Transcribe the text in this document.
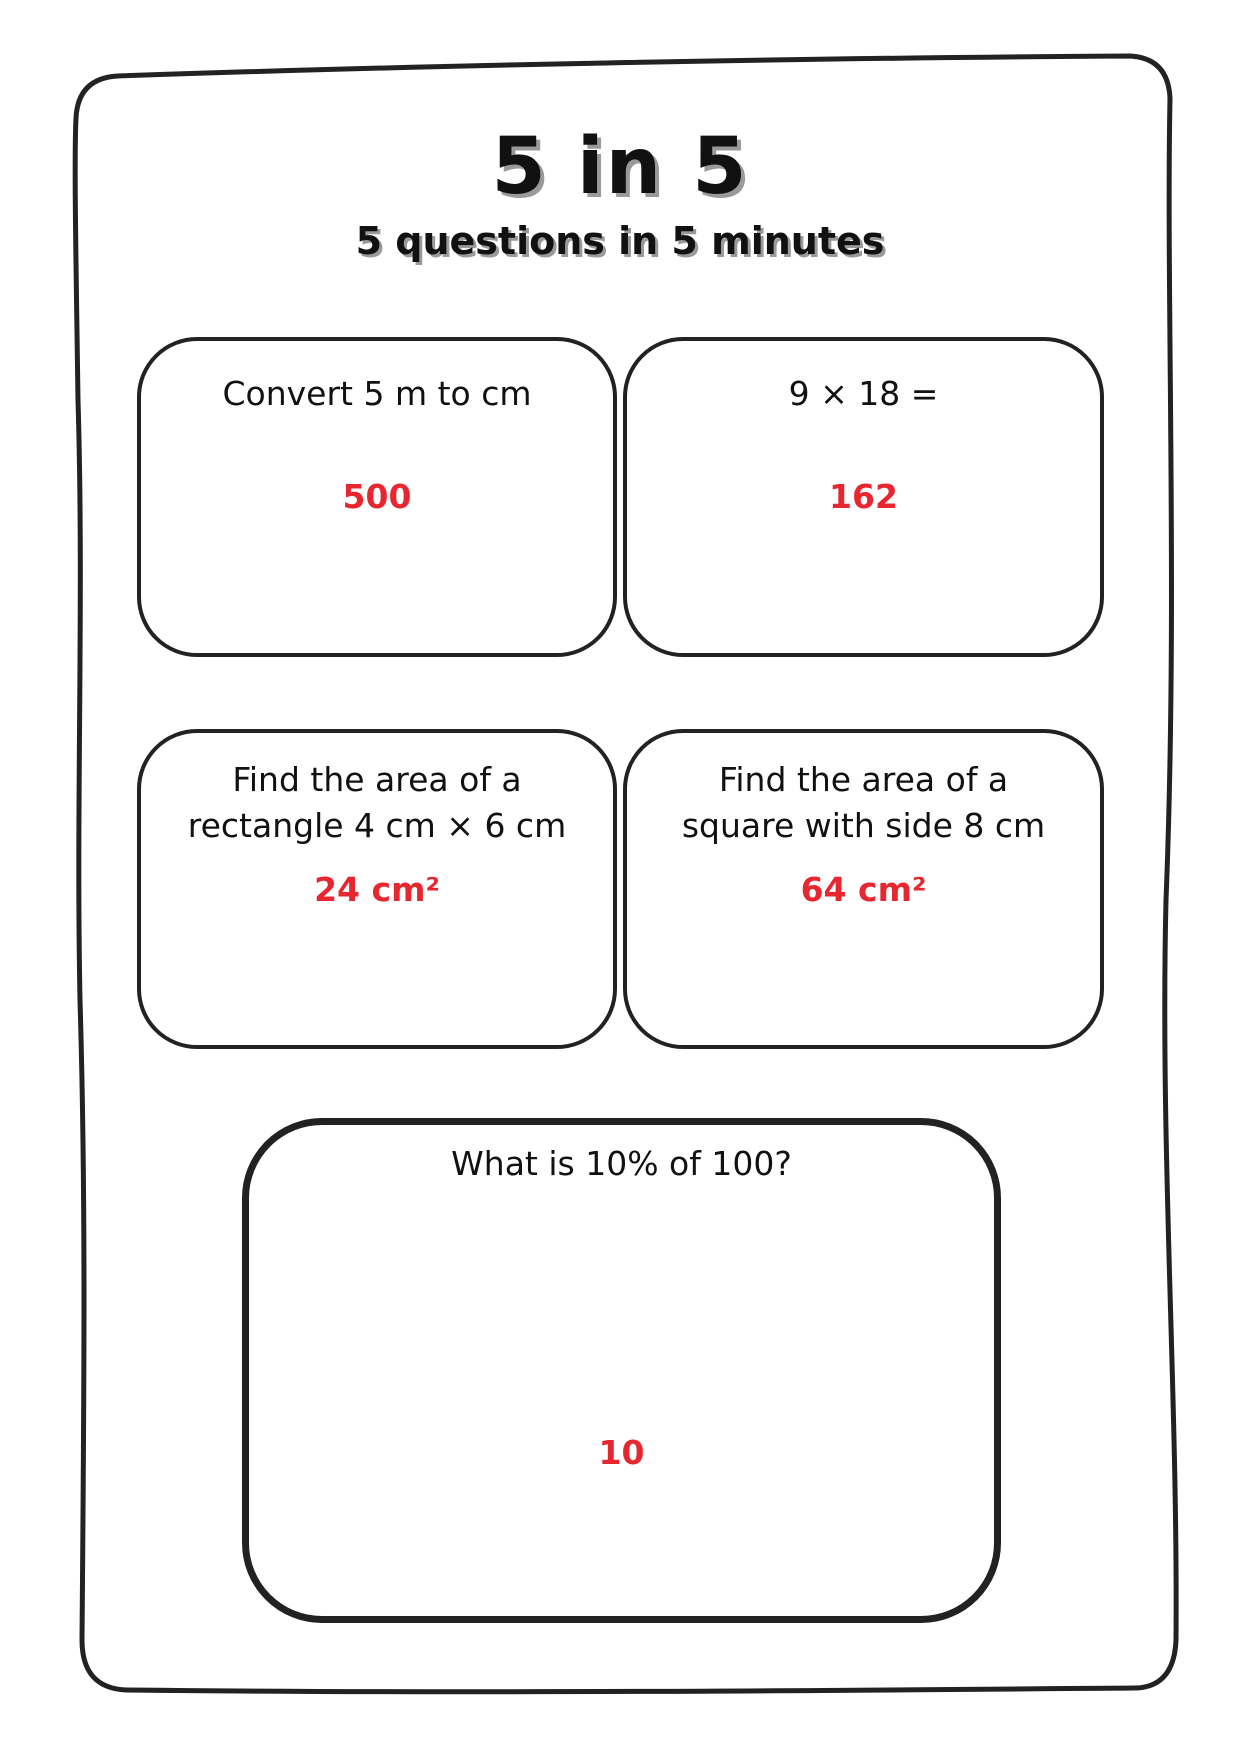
5 in 5
5 questions in 5 minutes
Convert 5 m to cm
500
9 × 18 =
162
Find the area of a rectangle 4 cm × 6 cm
24 cm²
Find the area of a square with side 8 cm
64 cm²
What is 10% of 100?
10
